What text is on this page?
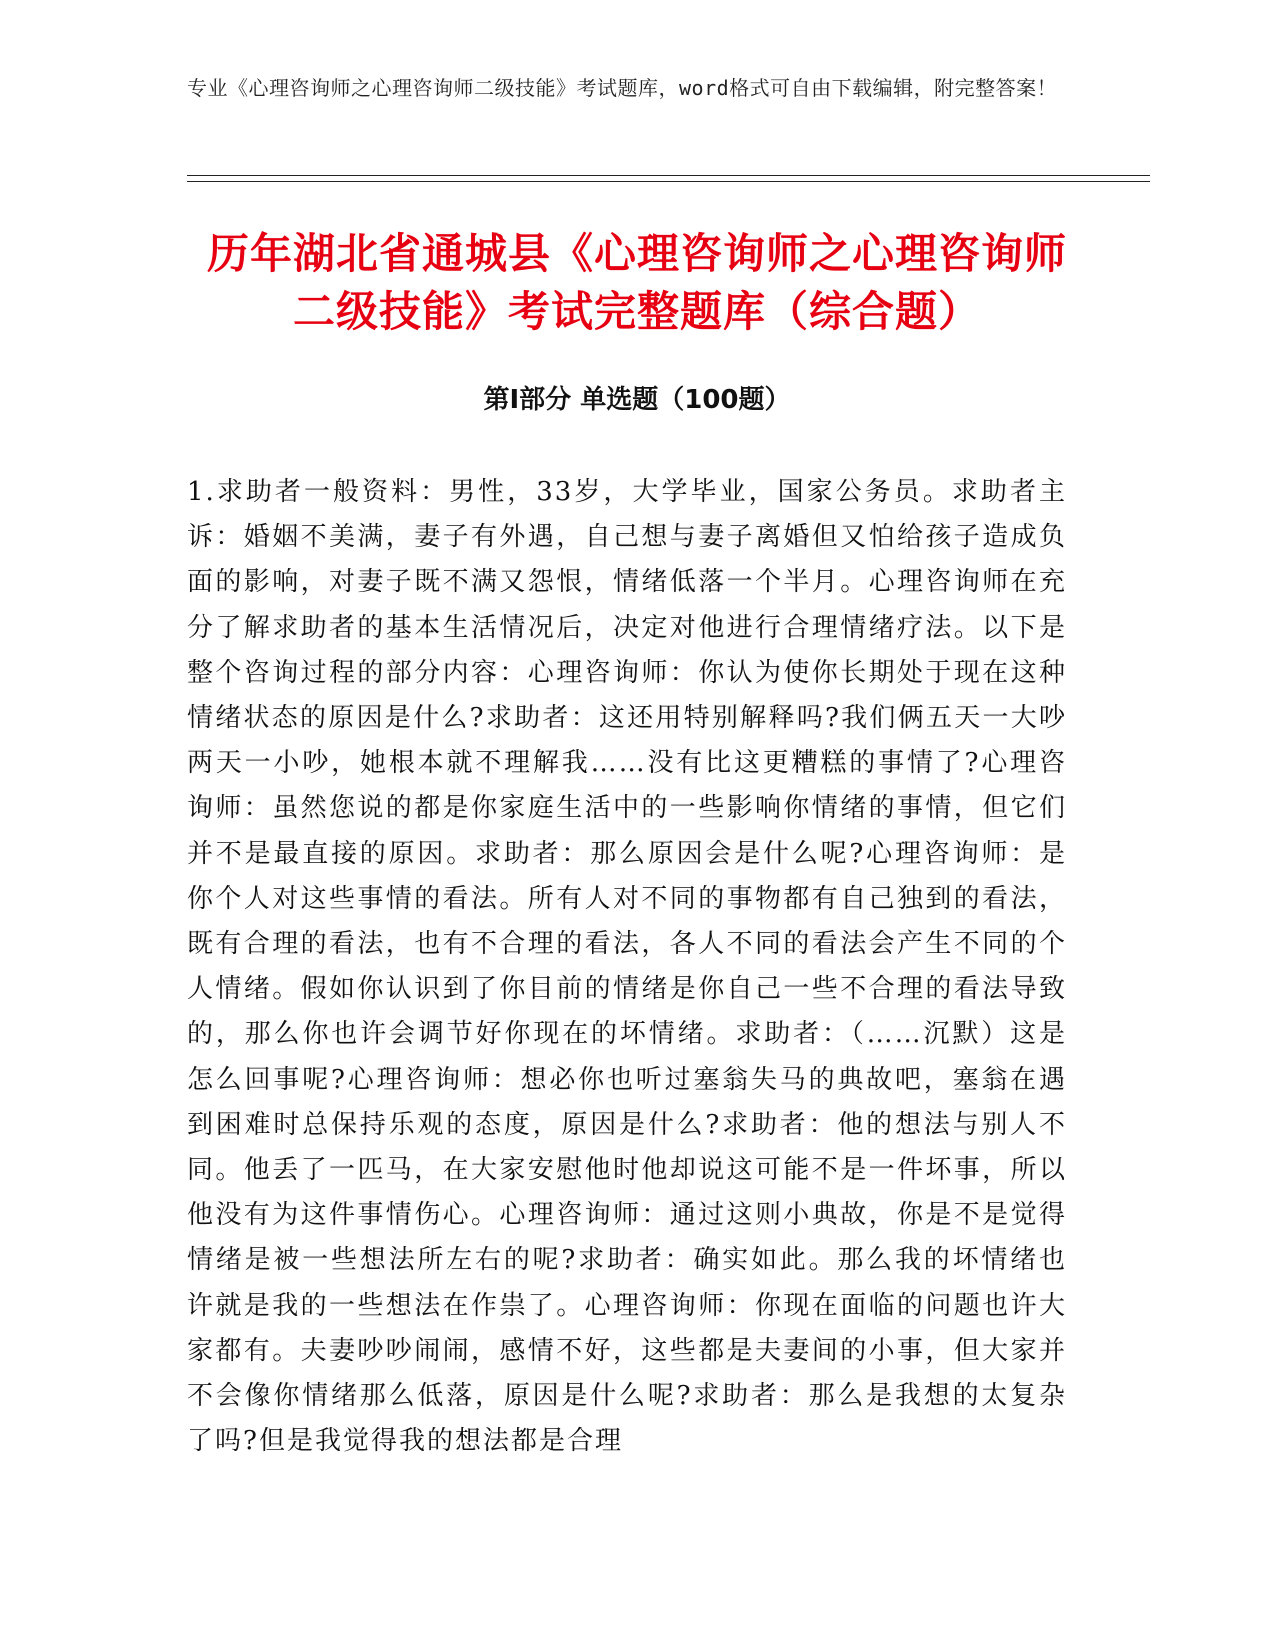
专业《心理咨询师之心理咨询师二级技能》考试题库，word格式可自由下载编辑，附完整答案！
历年湖北省通城县《心理咨询师之心理咨询师二级技能》考试完整题库（综合题）
第Ⅰ部分 单选题（100题）

1.求助者一般资料：男性，33岁，大学毕业，国家公务员。求助者主诉：婚姻不美满，妻子有外遇，自己想与妻子离婚但又怕给孩子造成负面的影响，对妻子既不满又怨恨，情绪低落一个半月。心理咨询师在充分了解求助者的基本生活情况后，决定对他进行合理情绪疗法。以下是整个咨询过程的部分内容：心理咨询师：你认为使你长期处于现在这种情绪状态的原因是什么?求助者：这还用特别解释吗?我们俩五天一大吵两天一小吵，她根本就不理解我……没有比这更糟糕的事情了?心理咨询师：虽然您说的都是你家庭生活中的一些影响你情绪的事情，但它们并不是最直接的原因。求助者：那么原因会是什么呢?心理咨询师：是你个人对这些事情的看法。所有人对不同的事物都有自己独到的看法，既有合理的看法，也有不合理的看法，各人不同的看法会产生不同的个人情绪。假如你认识到了你目前的情绪是你自己一些不合理的看法导致的，那么你也许会调节好你现在的坏情绪。求助者：（……沉默）这是怎么回事呢?心理咨询师：想必你也听过塞翁失马的典故吧，塞翁在遇到困难时总保持乐观的态度，原因是什么?求助者：他的想法与别人不同。他丢了一匹马，在大家安慰他时他却说这可能不是一件坏事，所以他没有为这件事情伤心。心理咨询师：通过这则小典故，你是不是觉得情绪是被一些想法所左右的呢?求助者：确实如此。那么我的坏情绪也许就是我的一些想法在作祟了。心理咨询师：你现在面临的问题也许大家都有。夫妻吵吵闹闹，感情不好，这些都是夫妻间的小事，但大家并不会像你情绪那么低落，原因是什么呢?求助者：那么是我想的太复杂了吗?但是我觉得我的想法都是合理
